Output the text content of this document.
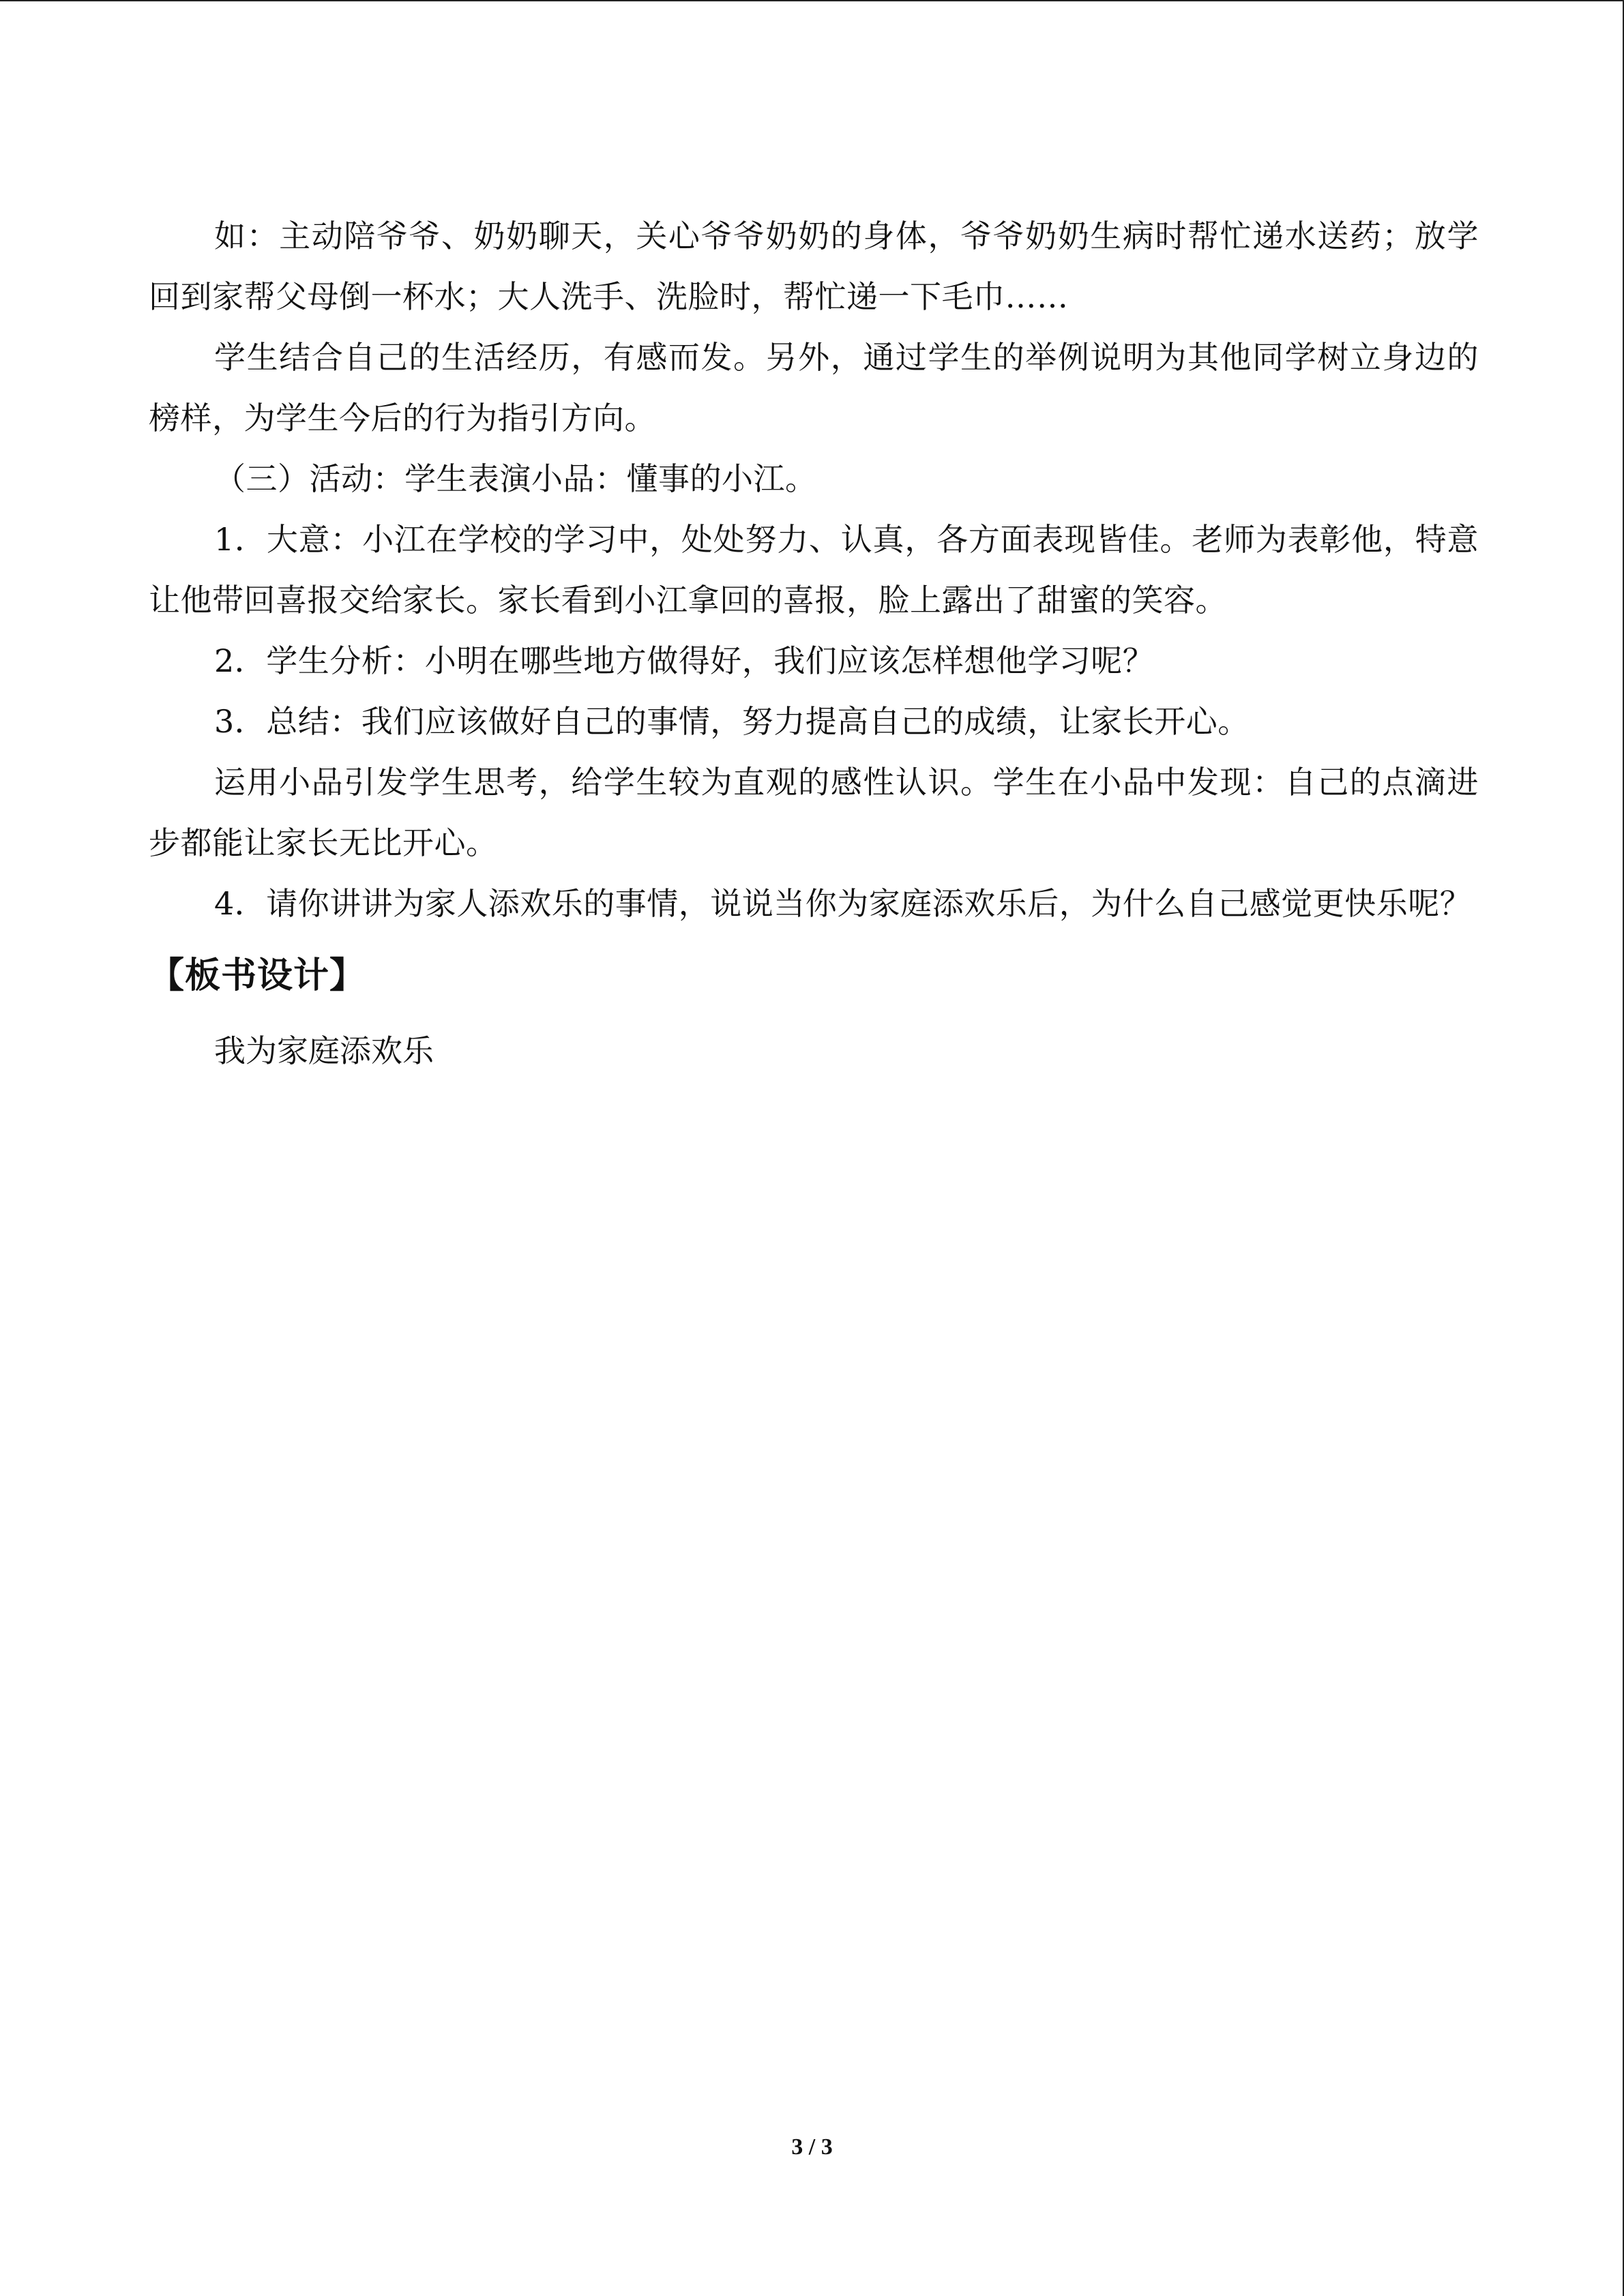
如：主动陪爷爷、奶奶聊天，关心爷爷奶奶的身体，爷爷奶奶生病时帮忙递水送药；放学回到家帮父母倒一杯水；大人洗手、洗脸时，帮忙递一下毛巾……

学生结合自己的生活经历，有感而发。另外，通过学生的举例说明为其他同学树立身边的榜样，为学生今后的行为指引方向。

（三）活动：学生表演小品：懂事的小江。

1．大意：小江在学校的学习中，处处努力、认真，各方面表现皆佳。老师为表彰他，特意让他带回喜报交给家长。家长看到小江拿回的喜报，脸上露出了甜蜜的笑容。

2．学生分析：小明在哪些地方做得好，我们应该怎样想他学习呢？

3．总结：我们应该做好自己的事情，努力提高自己的成绩，让家长开心。

运用小品引发学生思考，给学生较为直观的感性认识。学生在小品中发现：自己的点滴进步都能让家长无比开心。

4．请你讲讲为家人添欢乐的事情，说说当你为家庭添欢乐后，为什么自己感觉更快乐呢？

【板书设计】

我为家庭添欢乐

3 / 3
